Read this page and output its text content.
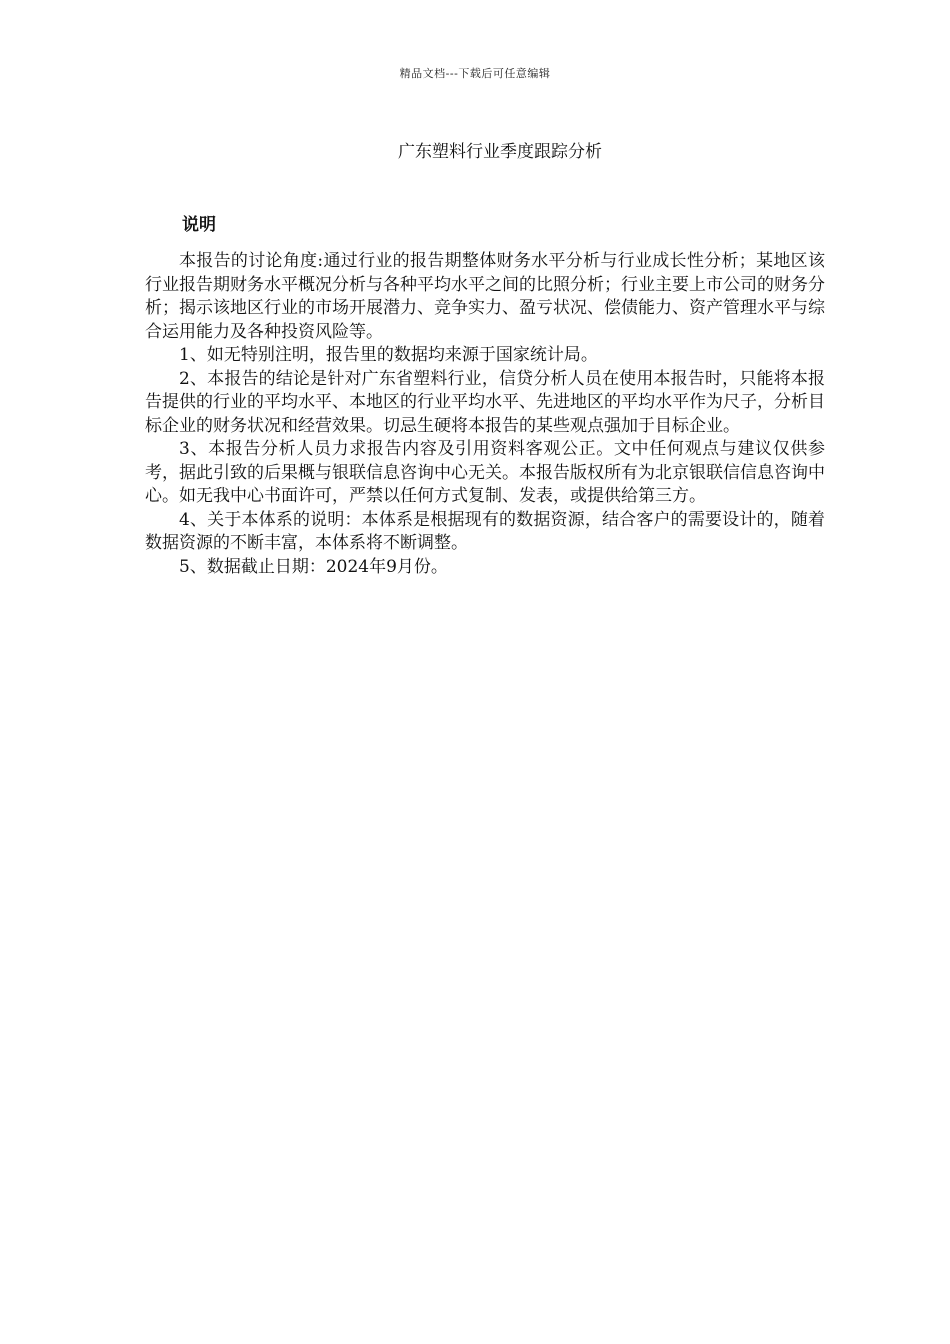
精品文档---下载后可任意编辑
广东塑料行业季度跟踪分析
说明

本报告的讨论角度:通过行业的报告期整体财务水平分析与行业成长性分析；某地区该行业报告期财务水平概况分析与各种平均水平之间的比照分析；行业主要上市公司的财务分析；揭示该地区行业的市场开展潜力、竞争实力、盈亏状况、偿债能力、资产管理水平与综合运用能力及各种投资风险等。

1、如无特别注明，报告里的数据均来源于国家统计局。

2、本报告的结论是针对广东省塑料行业，信贷分析人员在使用本报告时，只能将本报告提供的行业的平均水平、本地区的行业平均水平、先进地区的平均水平作为尺子，分析目标企业的财务状况和经营效果。切忌生硬将本报告的某些观点强加于目标企业。

3、本报告分析人员力求报告内容及引用资料客观公正。文中任何观点与建议仅供参考，据此引致的后果概与银联信息咨询中心无关。本报告版权所有为北京银联信信息咨询中心。如无我中心书面许可，严禁以任何方式复制、发表，或提供给第三方。

4、关于本体系的说明：本体系是根据现有的数据资源，结合客户的需要设计的，随着数据资源的不断丰富，本体系将不断调整。

5、数据截止日期：2024年9月份。
